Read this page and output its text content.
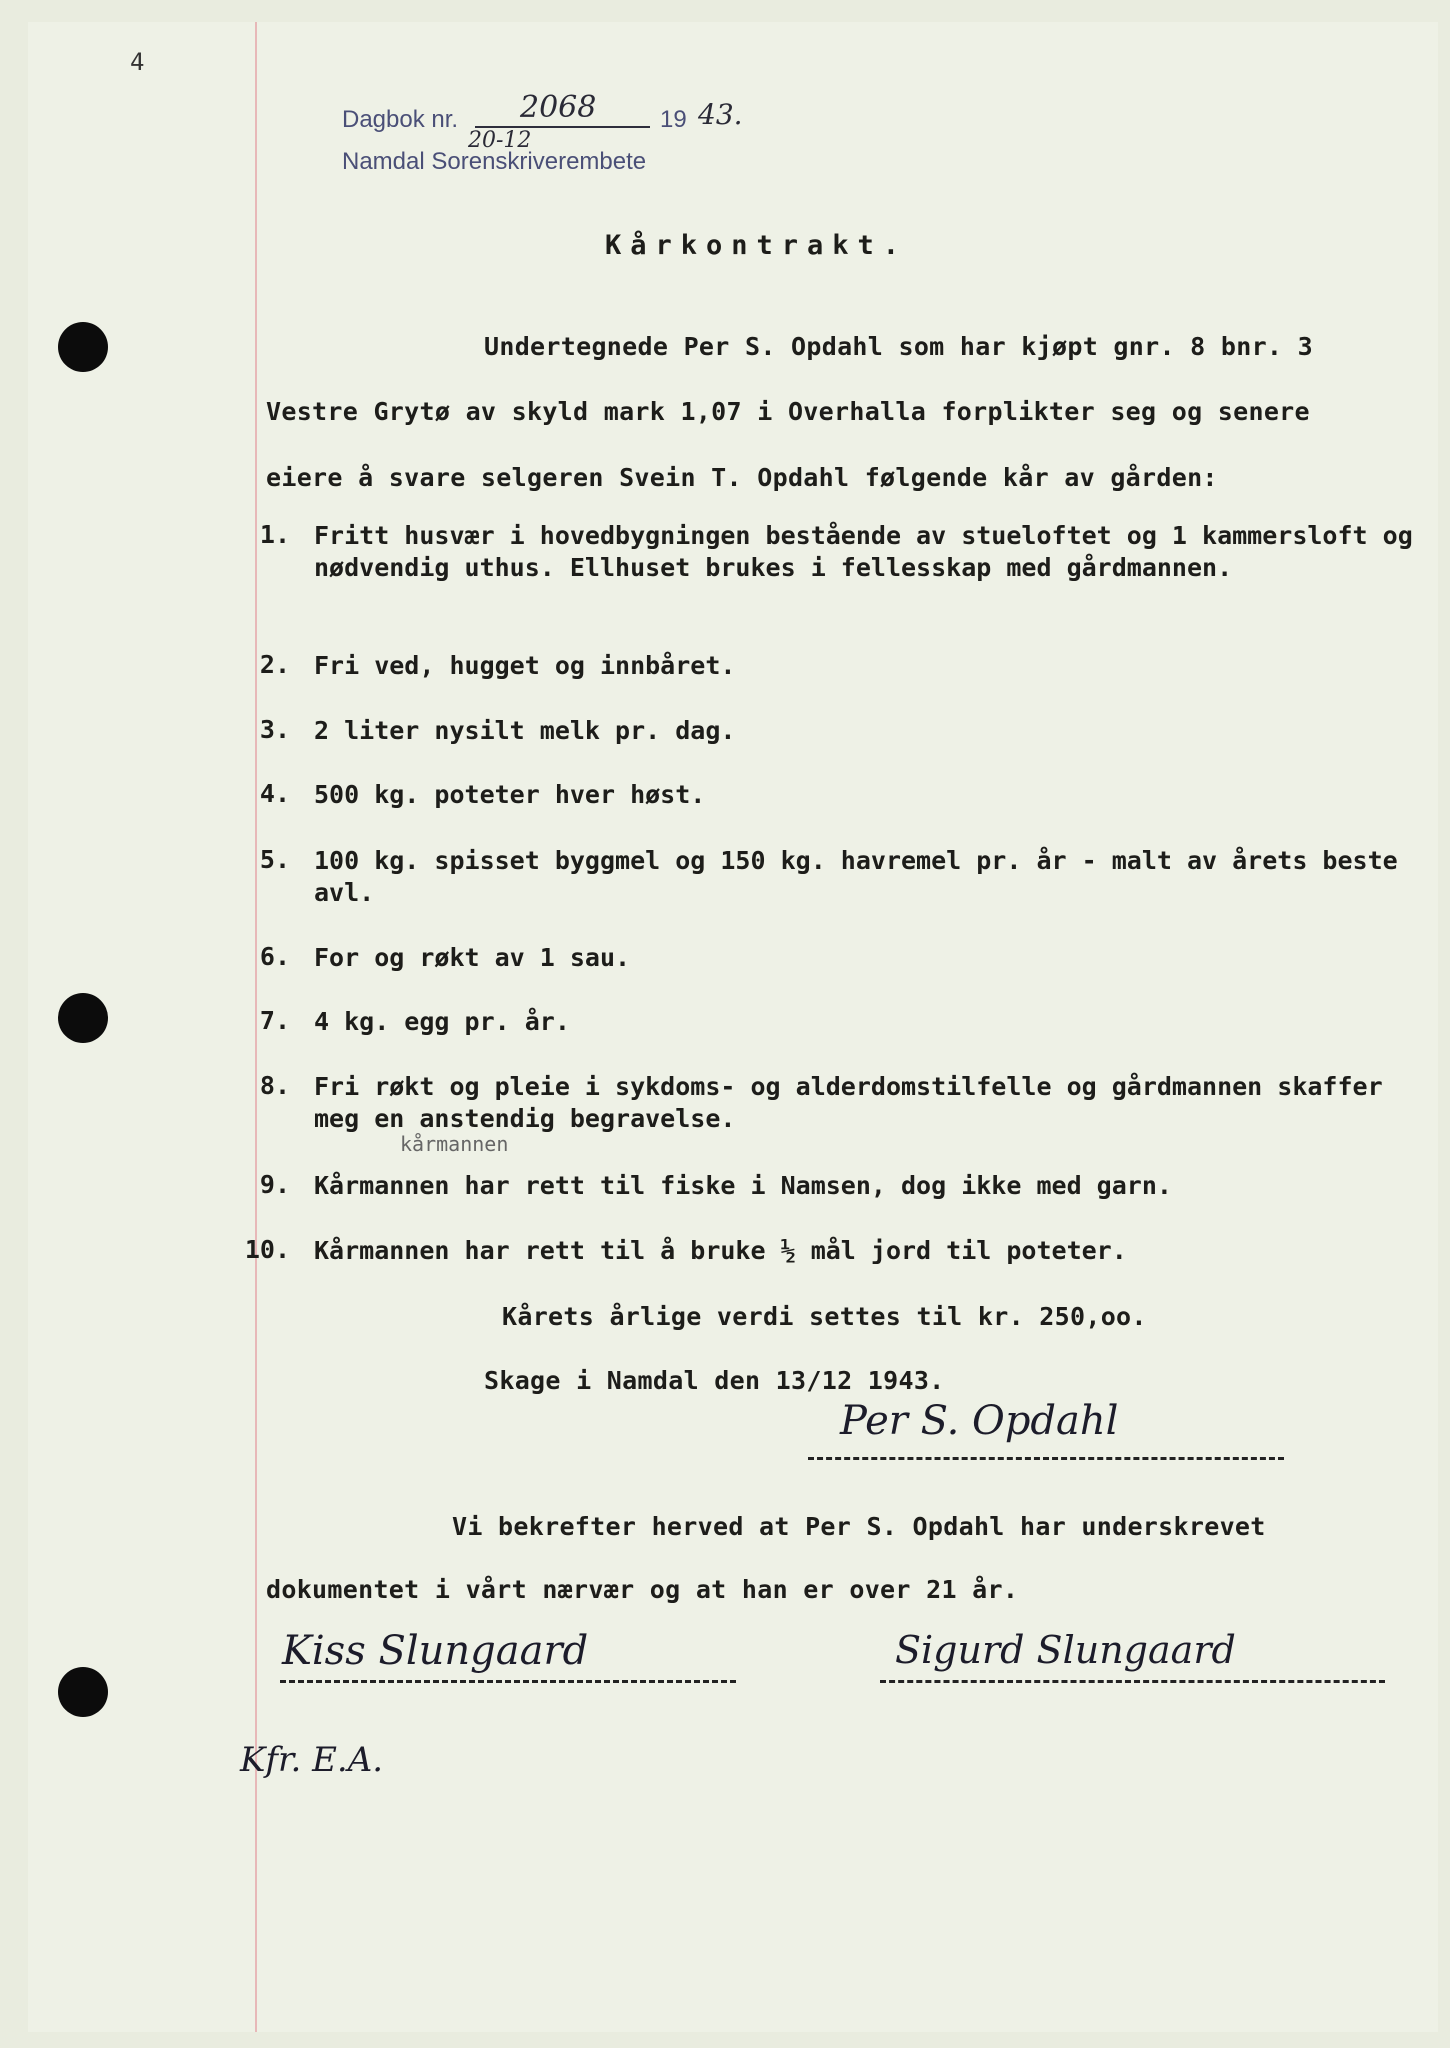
4
Dagbok nr. 2068	19 43.
20-12
Namdal Sorenskriverembete
Kårkontrakt.
Undertegnede Per S. Opdahl som har kjøpt gnr. 8 bnr. 3
Vestre Grytø av skyld mark 1,07 i Overhalla forplikter seg og senere
eiere å svare selgeren Svein T. Opdahl følgende kår av gården:
1. Fritt husvær i hovedbygningen bestående av stueloftet og 1 kammersloft og nødvendig uthus. Ellhuset brukes i fellesskap med gårdmannen.
2. Fri ved, hugget og innbåret.
3. 2 liter nysilt melk pr. dag.
4. 500 kg. poteter hver høst.
5. 100 kg. spisset byggmel og 150 kg. havremel pr. år - malt av årets beste avl.
6. For og røkt av 1 sau.
7. 4 kg. egg pr. år.
8. Fri røkt og pleie i sykdoms- og alderdomstilfelle og gårdmannen skaffer meg en anstendig begravelse.
kårmannen
9. Kårmannen har rett til fiske i Namsen, dog ikke med garn.
10. Kårmannen har rett til å bruke ½ mål jord til poteter.
Kårets årlige verdi settes til kr. 250,oo.
Skage i Namdal den 13/12 1943.
Per S. Opdahl
Vi bekrefter herved at Per S. Opdahl har underskrevet
dokumentet i vårt nærvær og at han er over 21 år.
Kiss Slungaard	Sigurd Slungaard
Kfr. E.A.
